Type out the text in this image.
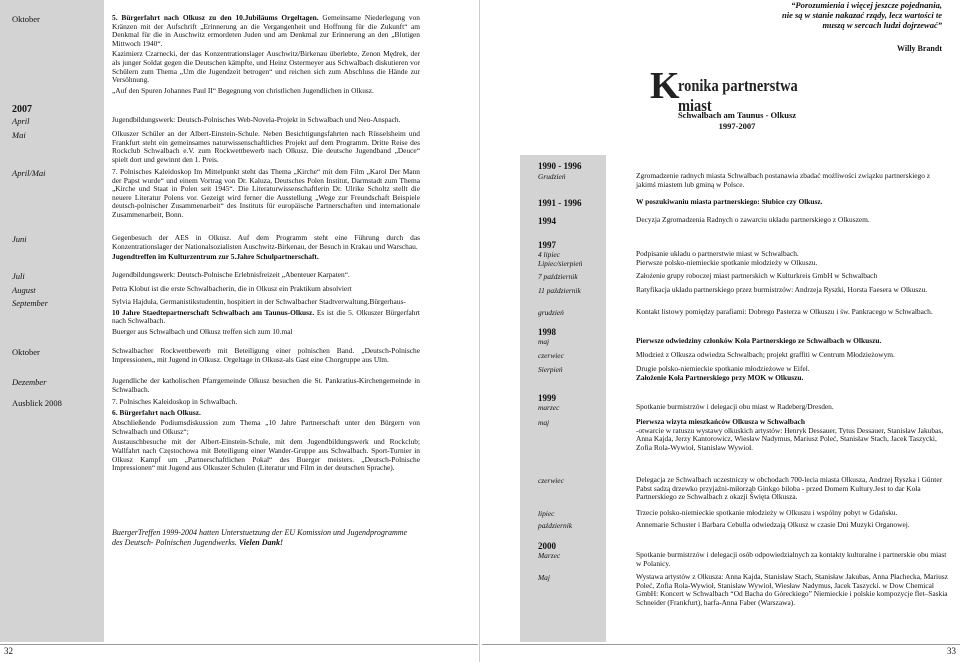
Oktober	5. Bürgerfahrt nach Olkusz zu den 10.Jubiläums Orgeltagen. Gemeinsame Niederlegung von Kränzen mit der Aufschrift „Erinnerung an die Vergangenheit und Hoffnung für die Zukunft“ am Denkmal für die in Auschwitz ermordeten Juden und am Denkmal zur Erinnerung an den „Blutigen Mittwoch 1940“.

Kazimierz Czarnecki, der das Konzentrationslager Auschwitz/Birkenau überlebte, Zenon Mędrek, der als junger Soldat gegen die Deutschen kämpfte, und Heinz Ostermeyer aus Schwalbach diskutieren vor Schülern zum Thema „Um die Jugendzeit betrogen“ und reichen sich zum Abschluss die Hände zur Versöhnung.

„Auf den Spuren Johannes Paul II“ Begegnung von christlichen Jugendlichen in Olkusz.

2007
April	Jugendbildungswerk: Deutsch-Polnisches Web-Novela-Projekt in Schwalbach und Neu-Anspach.

Mai	Olkuszer Schüler an der Albert-Einstein-Schule. Neben Besichtigungsfahrten nach Rüsselsheim und Frankfurt steht ein gemeinsames naturwissenschaftliches Projekt auf dem Programm. Dritte Reise des Rockclub Schwalbach e.V. zum Rockwettbewerb nach Olkusz. Die deutsche Jugendband „Deuce“ spielt dort und gewinnt den 1. Preis.

April/Mai	7. Polnisches Kaleidoskop Im Mittelpunkt steht das Thema „Kirche“ mit dem Film „Karol Der Mann der Papst wurde“ und einem Vortrag von Dr. Kaluza, Deutsches Polen Institut, Darmstadt zum Thema „Kirche und Staat in Polen seit 1945“. Die Literaturwissenschaftlerin Dr. Ulrike Scholtz stellt die neuere Literatur Polens vor. Gezeigt wird ferner die Ausstellung „Wege zur Freundschaft Beispiele deutsch-polnischer Zusammenarbeit“ des Instituts für europäische Partnerschaften und internationale Zusammenarbeit, Bonn.

Juni	Gegenbesuch der AES in Olkusz. Auf dem Programm steht eine Führung durch das Konzentrationslager der Nationalsozialisten Auschwitz-Birkenau, der Besuch in Krakau und Warschau.

Jugendtreffen im Kulturzentrum zur 5.Jahre Schulpartnerschaft.

Juli	Jugendbildungswerk: Deutsch-Polnische Erlebnisfreizeit „Abenteuer Karpaten“.

August	Petra Klobut ist die erste Schwalbacherin, die in Olkusz ein Praktikum absolviert

September	Sylvia Hajduła, Germanistikstudentin, hospitiert in der Schwalbacher Stadtverwaltung.Bürgerhaus-

10 Jahre Staedtepartnerschaft Schwalbach am Taunus-Olkusz. Es ist die 5. Olkuszer Bürgerfahrt nach Schwalbach.

Buerger aus Schwalbach und Olkusz treffen sich zum 10.mal

Oktober	Schwalbacher Rockwettbewerb mit Beteiligung einer polnischen Band. „Deutsch-Polnische Impressionen„ mit Jugend in Olkusz. Orgeltage in Olkusz-als Gast eine Chorgruppe aus Ulm.

Dezember	Jugendliche der katholischen Pfarrgemeinde Olkusz besuchen die St. Pankratius-Kirchengemeinde in Schwalbach.

Ausblick 2008	7. Polnisches Kaleidoskop in Schwalbach.

6. Bürgerfahrt nach Olkusz.

Abschließende Podiumsdiskussion zum Thema „10 Jahre Partnerschaft unter den Bürgern von Schwalbach und Olkusz“;

Austauschbesuche mit der Albert-Einstein-Schule, mit dem Jugendbildungswerk und Rockclub; Wallfahrt nach Częstochowa mit Beteiligung einer Wander-Gruppe aus Schwalbach. Sport-Turnier in Olkusz Kampf um „Partnerschaftlichen Pokal“ des Buerger meisters. „Deutsch-Polnische Impressionen“ mit Jugend aus Olkuszer Schulen (Literatur und Film in der deutschen Sprache).

BuergerTreffen 1999-2004 hatten Unterstuetzung der EU Komission und Jugendprogramme des Deutsch- Polnischen Jugendwerks. Vielen Dank!
32
“Porozumienia i więcej jeszcze pojednania, nie są w stanie nakazać rządy, lecz wartości te muszą w sercach ludzi dojrzewać”
Willy Brandt
K
ronika partnerstwa miast
Schwalbach am Taunus - Olkusz
1997-2007
1990 - 1996
Grudzień	Zgromadzenie radnych miasta Schwalbach postanawia zbadać możliwości związku partnerskiego z jakimś miastem lub gminą w Polsce.
1991 - 1996	W poszukiwaniu miasta partnerskiego: Słubice czy Olkusz.
1994	Decyzja Zgromadzenia Radnych o zawarciu układu partnerskiego z Olkuszem.
1997
4 lipiec	Podpisanie układu o partnerstwie miast w Schwalbach.
Lipiec/sierpień	Pierwsze polsko-niemieckie spotkanie młodzieży w Olkuszu.
7 październik	Założenie grupy roboczej miast partnerskich w Kulturkreis GmbH w Schwalbach
11 październik	Ratyfikacja układu partnerskiego przez burmistrzów: Andrzeja Ryszki, Horsta Faesera w Olkuszu.
grudzień	Kontakt listowy pomiędzy parafiami: Dobrego Pasterza w Olkuszu i św. Pankracego w Schwalbach.
1998
maj	Pierwsze odwiedziny członków Koła Partnerskiego ze Schwalbach w Olkuszu.
czerwiec	Młodzież z Olkusza odwiedza Schwalbach; projekt graffiti w Centrum Młodzieżowym.
Sierpień	Drugie polsko-niemieckie spotkanie młodzieżowe w Eifel.
Założenie Koła Partnerskiego przy MOK w Olkuszu.
1999
marzec	Spotkanie burmistrzów i delegacji obu miast w Radeberg/Dresden.
maj	Pierwsza wizyta mieszkańców Olkusza w Schwalbach
-otwarcie w ratuszu wystawy olkuskich artystów: Henryk Dessauer, Tytus Dessauer, Stanisław Jakubas, Anna Kajda, Jerzy Kantorowicz, Wiesław Nadymus, Mariusz Poleć, Stanisław Stach, Jacek Taszycki, Zofia Rola-Wywioł, Stanisław Wywioł.
czerwiec	Delegacja ze Schwalbach uczestniczy w obchodach 700-lecia miasta Olkusza, Andrzej Ryszka i Günter Pabst sadzą drzewko przyjaźni-miłorząb Ginkgo biloba - przed Domem Kultury.Jest to dar Koła Partnerskiego ze Schwalbach z okazji Święta Olkusza.
lipiec	Trzecie polsko-niemieckie spotkanie młodzieży w Olkuszu i wspólny pobyt w Gdańsku.
październik	Annemarie Schuster i Barbara Cebulla odwiedzają Olkusz w czasie Dni Muzyki Organowej.
2000
Marzec	Spotkanie burmistrzów i delegacji osób odpowiedzialnych za kontakty kulturalne i partnerskie obu miast w Polanicy.
Maj	Wystawa artystów z Olkusza: Anna Kajda, Stanisław Stach, Stanisław Jakubas, Anna Płachecka, Mariusz Poleć, Zofia Rola-Wywioł, Stanisław Wywioł, Wiesław Nadymus, Jacek Taszycki. w Dow Chemical GmbH: Koncert w Schwalbach “Od Bacha do Góreckiego” Niemieckie i polskie kompozycje flet–Saskia Schneider (Frankfurt), harfa-Anna Faber (Warszawa).
33
